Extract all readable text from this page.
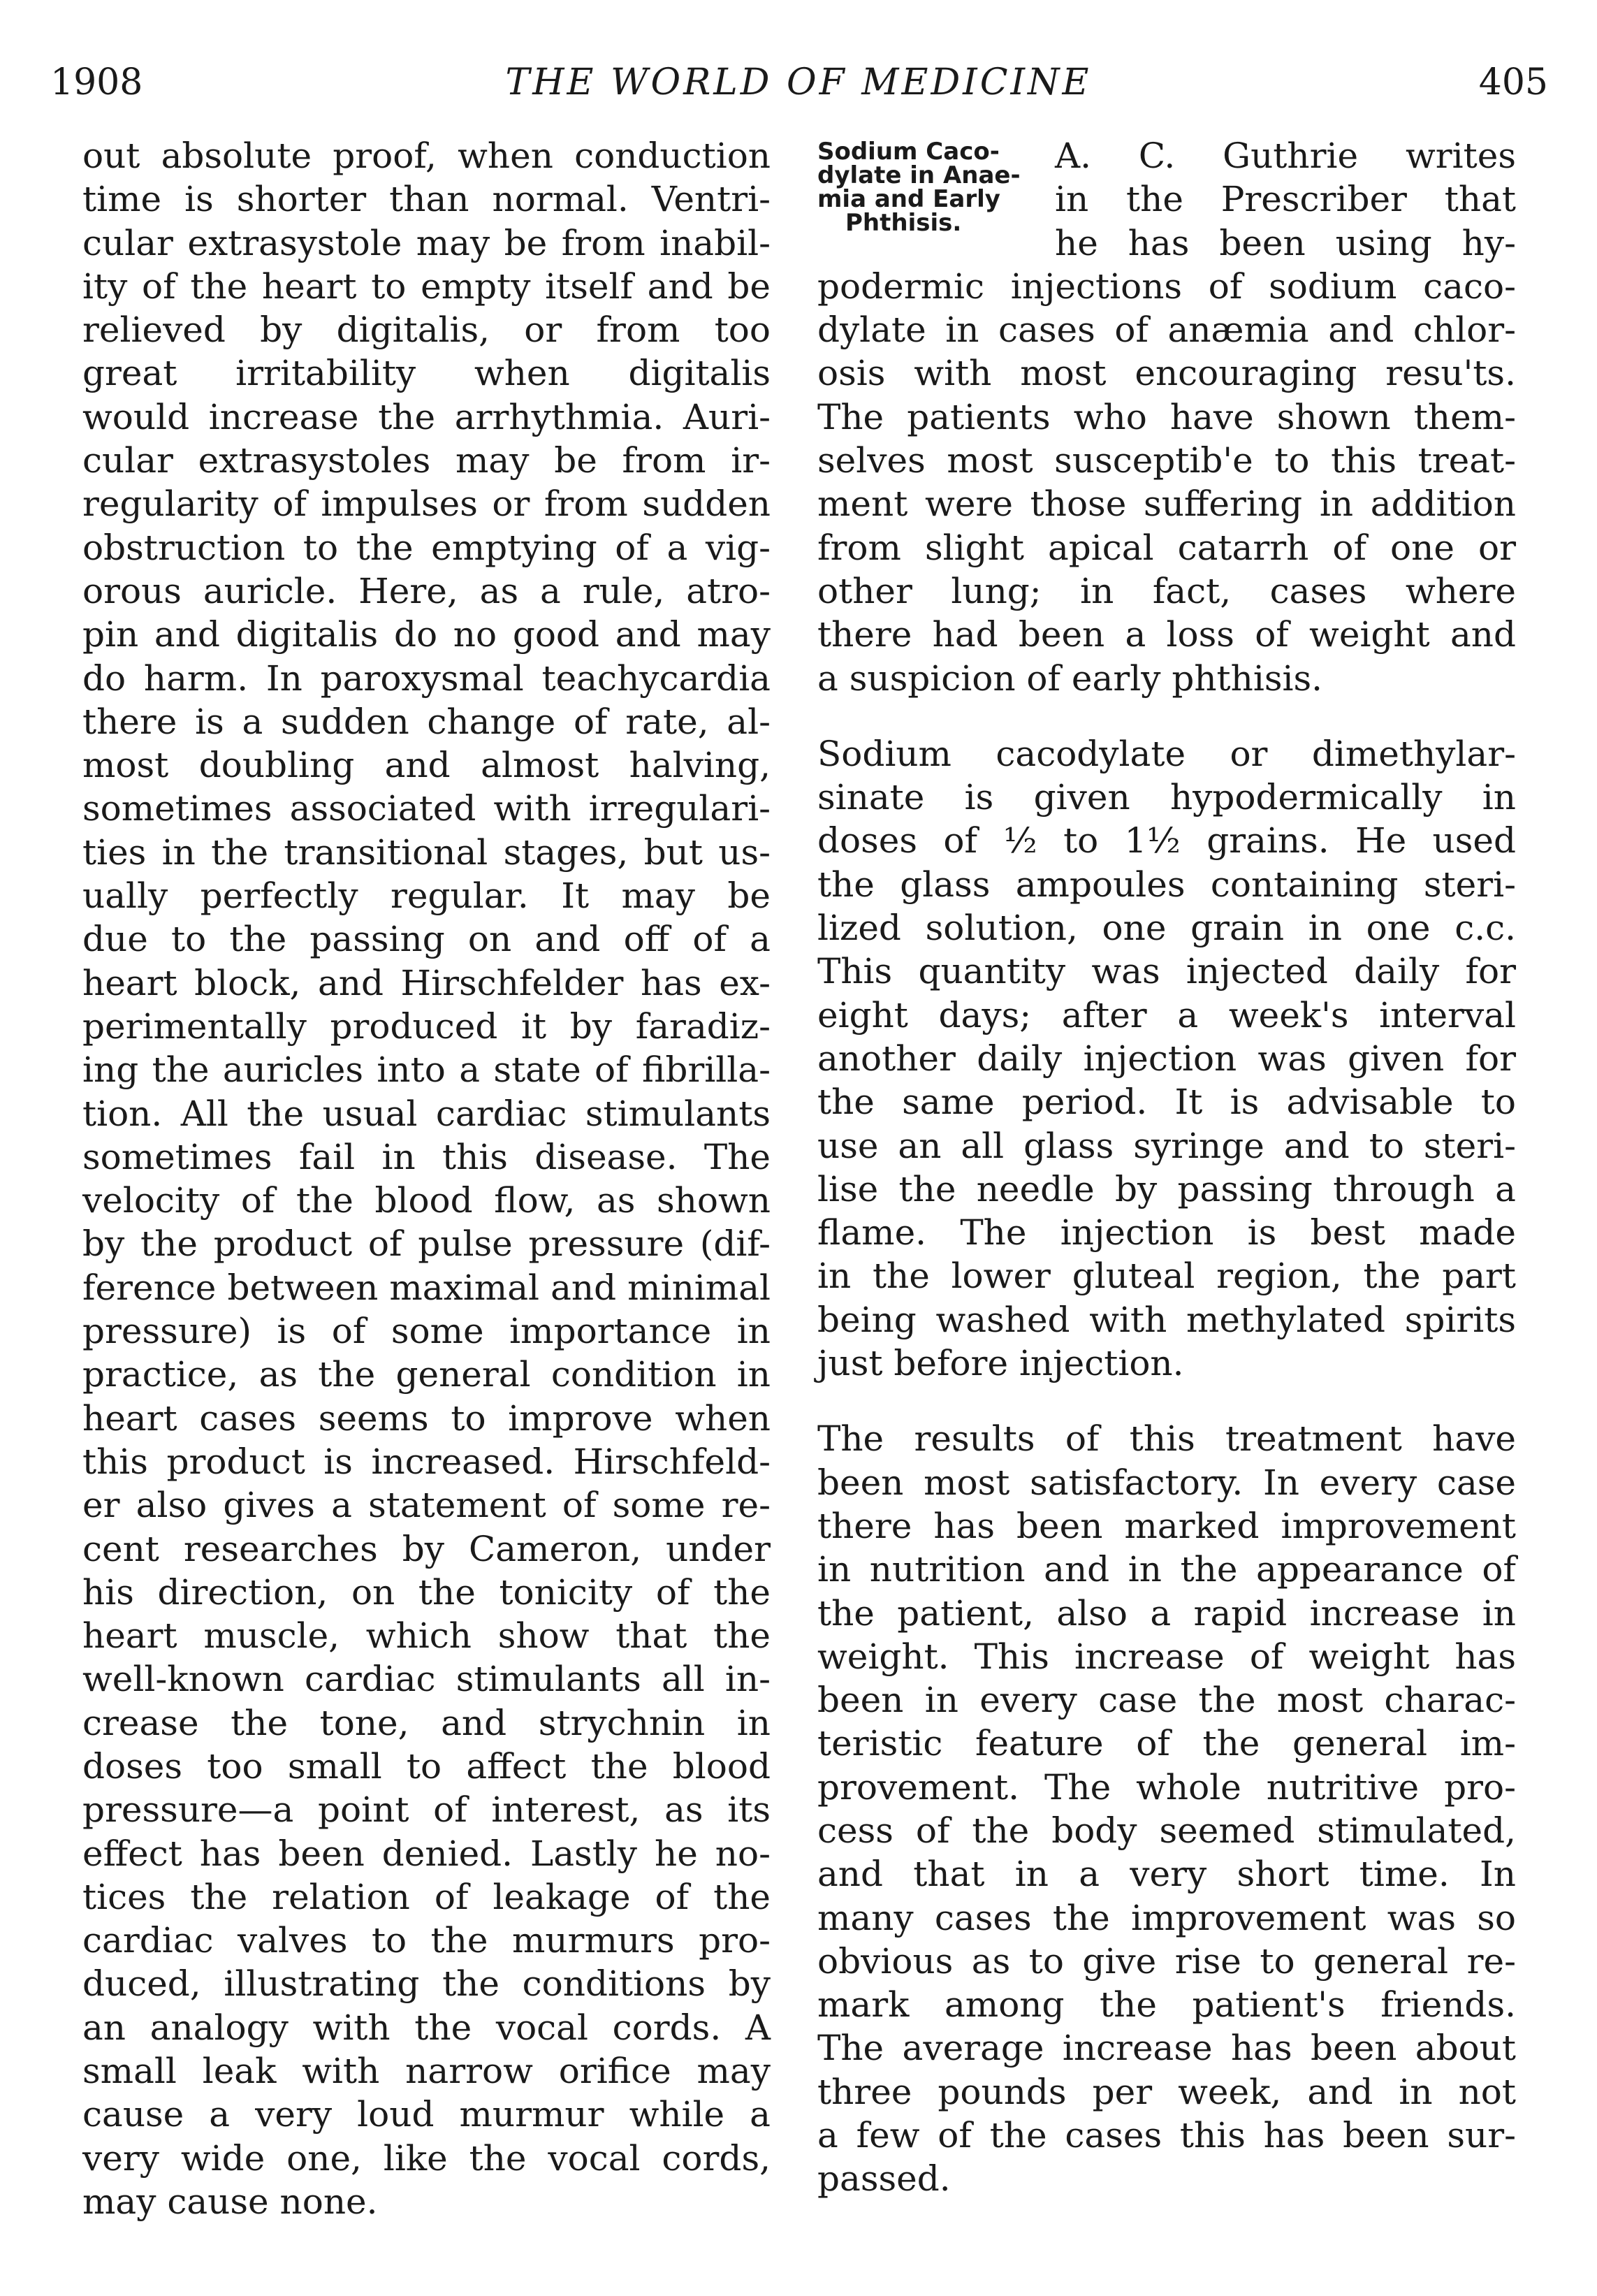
1908	THE WORLD OF MEDICINE	405
out absolute proof, when conduction
time is shorter than normal. Ventri-
cular extrasystole may be from inabil-
ity of the heart to empty itself and be
relieved by digitalis, or from too
great irritability when digitalis
would increase the arrhythmia. Auri-
cular extrasystoles may be from ir-
regularity of impulses or from sudden
obstruction to the emptying of a vig-
orous auricle. Here, as a rule, atro-
pin and digitalis do no good and may
do harm. In paroxysmal teachycardia
there is a sudden change of rate, al-
most doubling and almost halving,
sometimes associated with irregulari-
ties in the transitional stages, but us-
ually perfectly regular. It may be
due to the passing on and off of a
heart block, and Hirschfelder has ex-
perimentally produced it by faradiz-
ing the auricles into a state of fibrilla-
tion. All the usual cardiac stimulants
sometimes fail in this disease. The
velocity of the blood flow, as shown
by the product of pulse pressure (dif-
ference between maximal and minimal
pressure) is of some importance in
practice, as the general condition in
heart cases seems to improve when
this product is increased. Hirschfeld-
er also gives a statement of some re-
cent researches by Cameron, under
his direction, on the tonicity of the
heart muscle, which show that the
well-known cardiac stimulants all in-
crease the tone, and strychnin in
doses too small to affect the blood
pressure—a point of interest, as its
effect has been denied. Lastly he no-
tices the relation of leakage of the
cardiac valves to the murmurs pro-
duced, illustrating the conditions by
an analogy with the vocal cords. A
small leak with narrow orifice may
cause a very loud murmur while a
very wide one, like the vocal cords,
may cause none.
Sodium Caco-
dylate in Anae-
mia and Early
Phthisis.
A. C. Guthrie writes
in the Prescriber that
he has been using hy-
podermic injections of sodium caco-
dylate in cases of anæmia and chlor-
osis with most encouraging resu'ts.
The patients who have shown them-
selves most susceptib'e to this treat-
ment were those suffering in addition
from slight apical catarrh of one or
other lung; in fact, cases where
there had been a loss of weight and
a suspicion of early phthisis.
Sodium cacodylate or dimethylar-
sinate is given hypodermically in
doses of ½ to 1½ grains. He used
the glass ampoules containing steri-
lized solution, one grain in one c.c.
This quantity was injected daily for
eight days; after a week's interval
another daily injection was given for
the same period. It is advisable to
use an all glass syringe and to steri-
lise the needle by passing through a
flame. The injection is best made
in the lower gluteal region, the part
being washed with methylated spirits
just before injection.
The results of this treatment have
been most satisfactory. In every case
there has been marked improvement
in nutrition and in the appearance of
the patient, also a rapid increase in
weight. This increase of weight has
been in every case the most charac-
teristic feature of the general im-
provement. The whole nutritive pro-
cess of the body seemed stimulated,
and that in a very short time. In
many cases the improvement was so
obvious as to give rise to general re-
mark among the patient's friends.
The average increase has been about
three pounds per week, and in not
a few of the cases this has been sur-
passed.
